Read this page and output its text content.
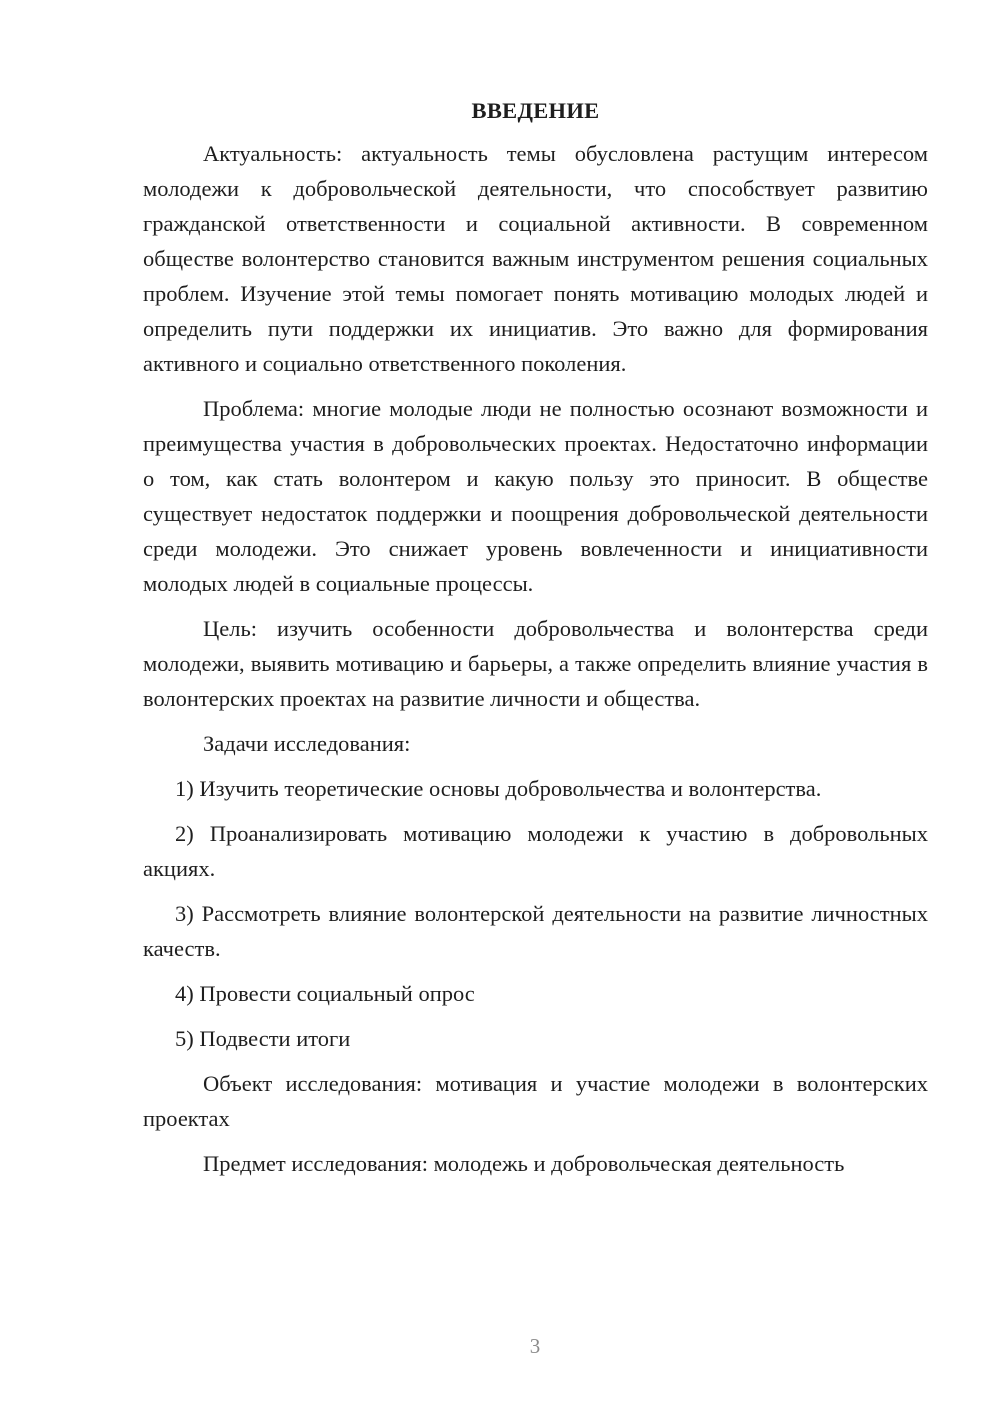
ВВЕДЕНИЕ

Актуальность: актуальность темы обусловлена растущим интересом молодежи к добровольческой деятельности, что способствует развитию гражданской ответственности и социальной активности. В современном обществе волонтерство становится важным инструментом решения социальных проблем. Изучение этой темы помогает понять мотивацию молодых людей и определить пути поддержки их инициатив. Это важно для формирования активного и социально ответственного поколения.

Проблема: многие молодые люди не полностью осознают возможности и преимущества участия в добровольческих проектах. Недостаточно информации о том, как стать волонтером и какую пользу это приносит. В обществе существует недостаток поддержки и поощрения добровольческой деятельности среди молодежи. Это снижает уровень вовлеченности и инициативности молодых людей в социальные процессы.

Цель: изучить особенности добровольчества и волонтерства среди молодежи, выявить мотивацию и барьеры, а также определить влияние участия в волонтерских проектах на развитие личности и общества.

Задачи исследования:

1) Изучить теоретические основы добровольчества и волонтерства.

2) Проанализировать мотивацию молодежи к участию в добровольных акциях.

3) Рассмотреть влияние волонтерской деятельности на развитие личностных качеств.

4) Провести социальный опрос

5) Подвести итоги

Объект исследования: мотивация и участие молодежи в волонтерских проектах

Предмет исследования: молодежь и добровольческая деятельность

3
